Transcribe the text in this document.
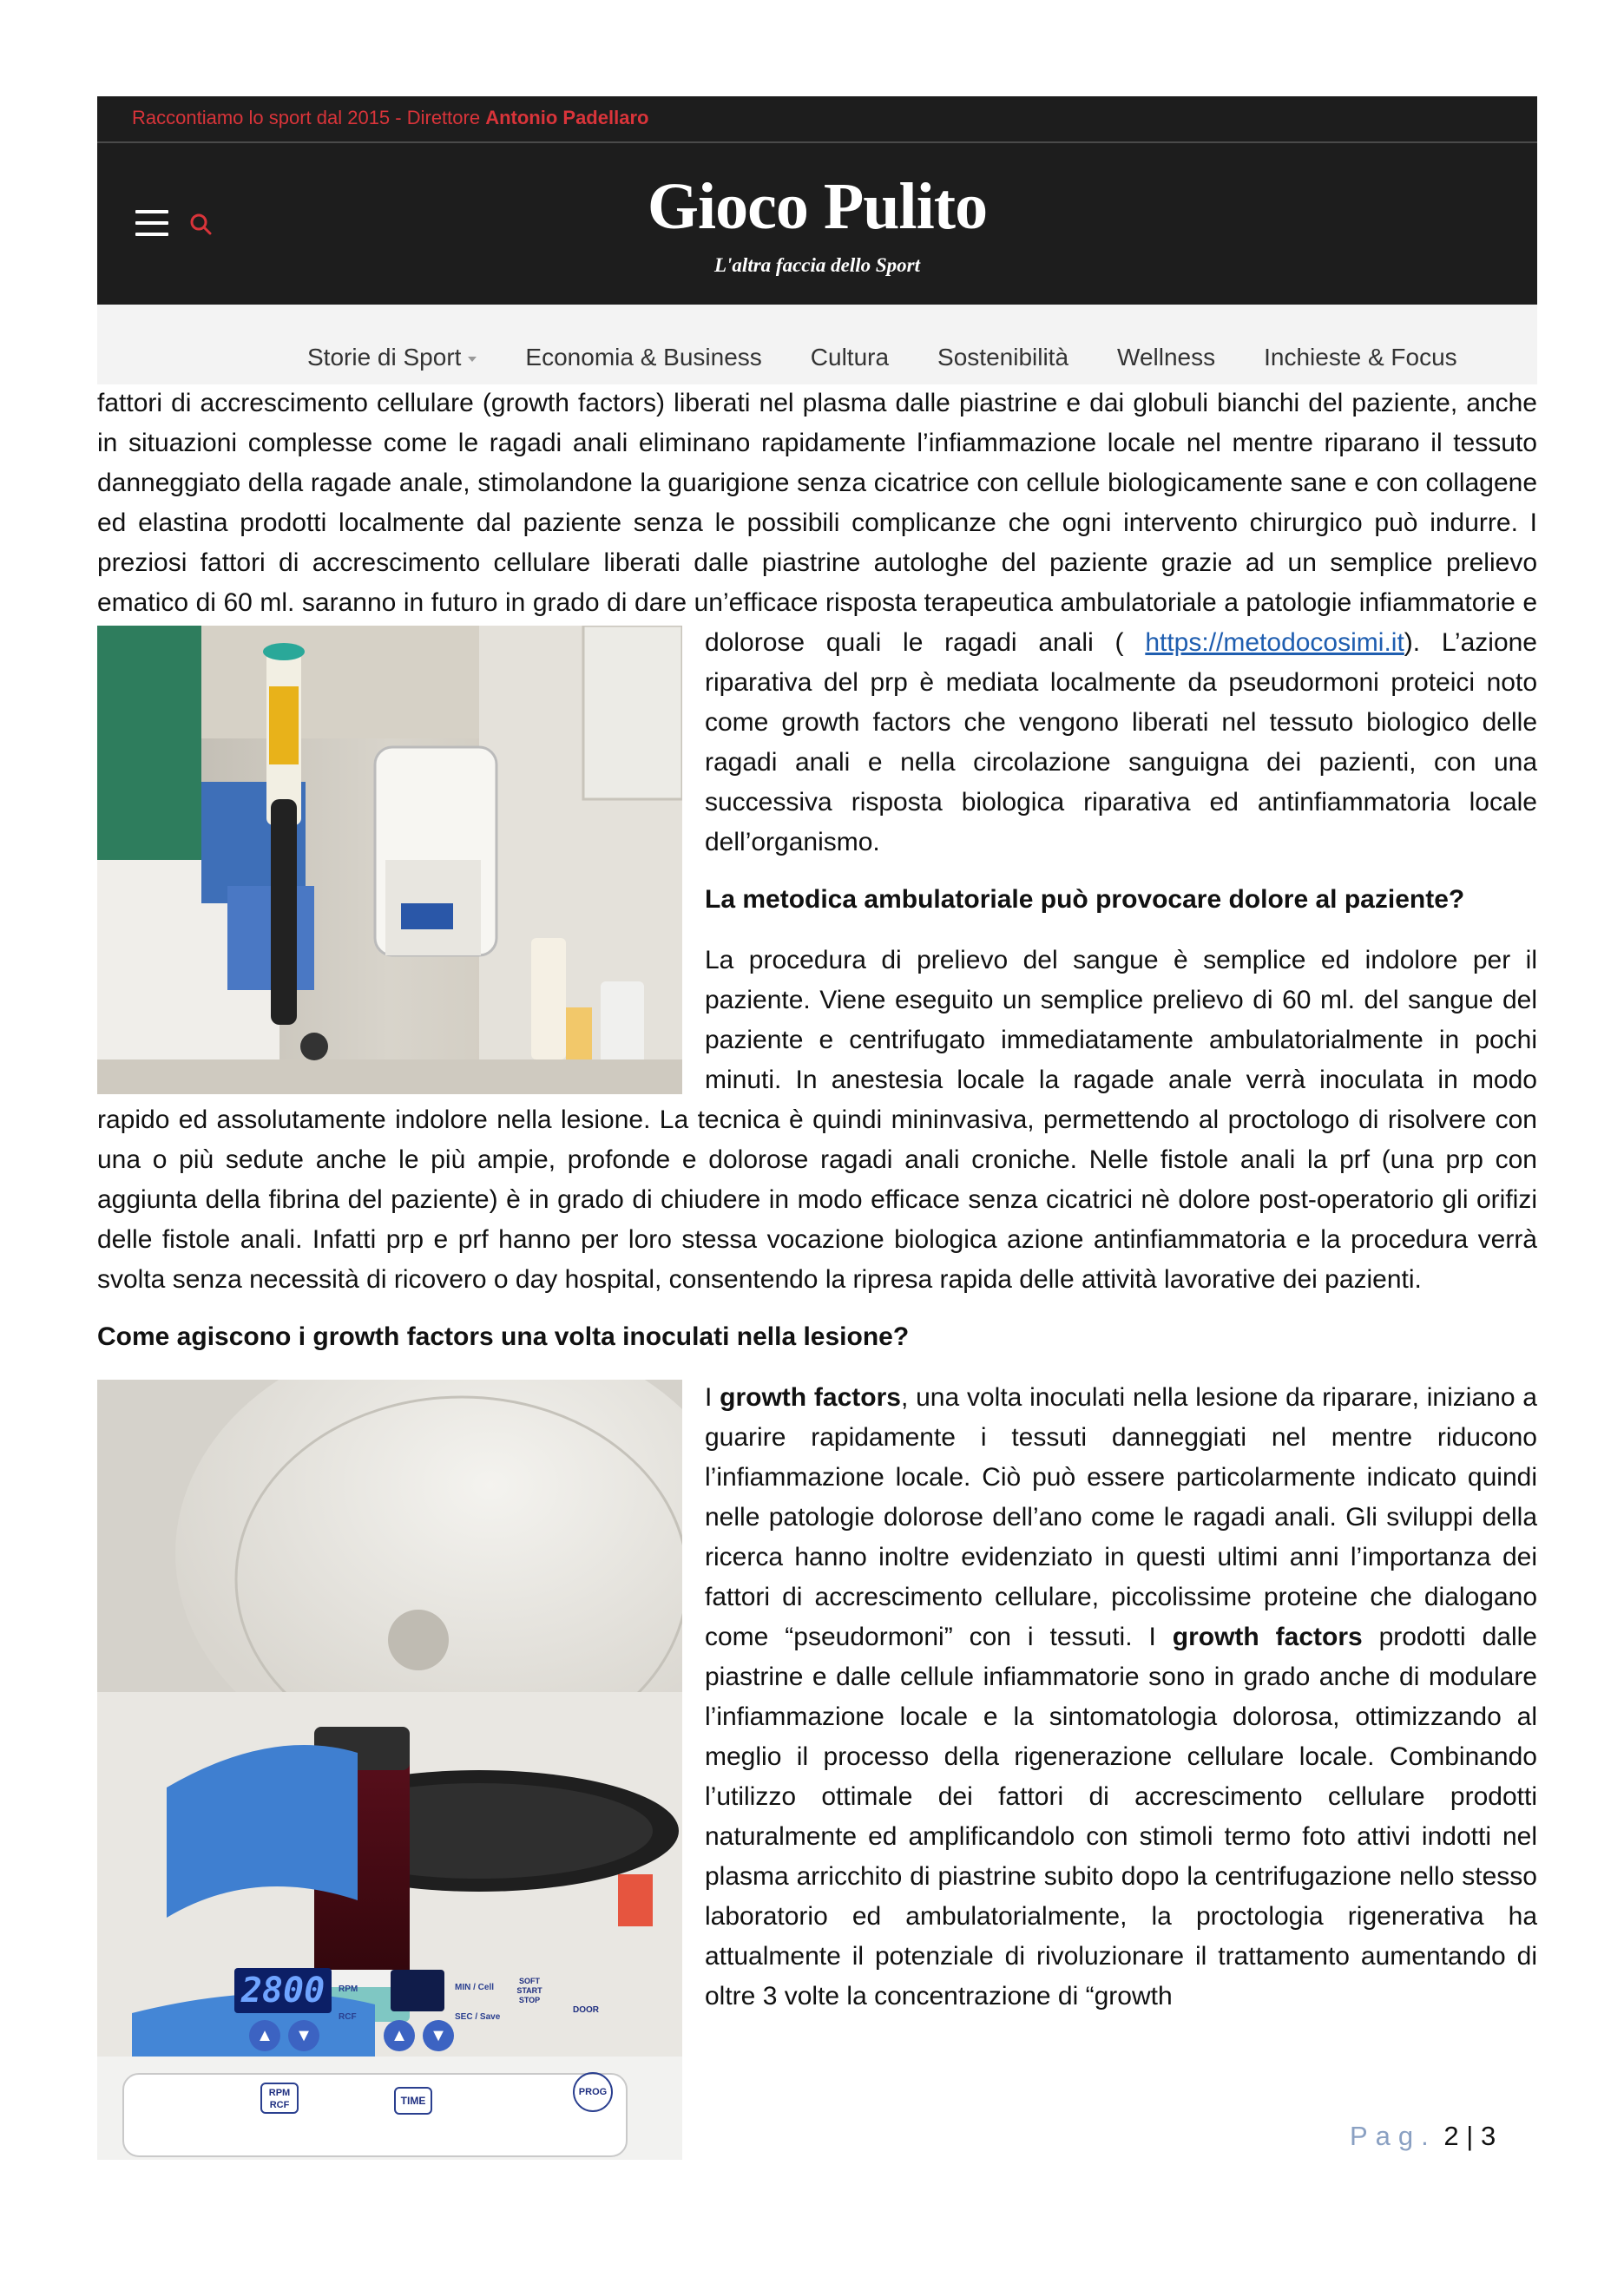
Raccontiamo lo sport dal 2015 - Direttore Antonio Padellaro
Gioco Pulito
L'altra faccia dello Sport
Storie di Sport	Economia & Business Cultura Sostenibilità Wellness Inchieste & Focus

fattori di accrescimento cellulare (growth factors) liberati nel plasma dalle piastrine e dai globuli bianchi del paziente, anche in situazioni complesse come le ragadi anali eliminano rapidamente l’infiammazione locale nel mentre riparano il tessuto danneggiato della ragade anale, stimolandone la guarigione senza cicatrice con cellule biologicamente sane e con collagene ed elastina prodotti localmente dal paziente senza le possibili complicanze che ogni intervento chirurgico può indurre. I preziosi fattori di accrescimento cellulare liberati dalle piastrine autologhe del paziente grazie ad un semplice prelievo ematico di 60 ml. saranno in futuro in grado di dare un’efficace risposta terapeutica ambulatoriale a patologie infiammatorie e dolorose quali le ragadi anali ( https://metodocosimi.it). L’azione riparativa del prp è mediata localmente da pseudormoni proteici noto come growth factors che vengono liberati nel tessuto biologico delle ragadi anali e nella circolazione sanguigna dei pazienti, con una successiva risposta biologica riparativa ed antinfiammatoria locale dell’organismo.

La metodica ambulatoriale può provocare dolore al paziente?

La procedura di prelievo del sangue è semplice ed indolore per il paziente. Viene eseguito un semplice prelievo di 60 ml. del sangue del paziente e centrifugato immediatamente ambulatorialmente in pochi minuti. In anestesia locale la ragade anale verrà inoculata in modo rapido ed assolutamente indolore nella lesione. La tecnica è quindi mininvasiva, permettendo al proctologo di risolvere con una o più sedute anche le più ampie, profonde e dolorose ragadi anali croniche. Nelle fistole anali la prf (una prp con aggiunta della fibrina del paziente) è in grado di chiudere in modo efficace senza cicatrici nè dolore post-operatorio gli orifizi delle fistole anali. Infatti prp e prf hanno per loro stessa vocazione biologica azione antinfiammatoria e la procedura verrà svolta senza necessità di ricovero o day hospital, consentendo la ripresa rapida delle attività lavorative dei pazienti.

Come agiscono i growth factors una volta inoculati nella lesione?

2800	RPM
RCF
MIN / Cell
SEC / Save
SOFT START STOP
DOOR
▲	▼	▲	▼
RPM RCF	TIME
PROG
I growth factors, una volta inoculati nella lesione da riparare, iniziano a guarire rapidamente i tessuti danneggiati nel mentre riducono l’infiammazione locale. Ciò può essere particolarmente indicato quindi nelle patologie dolorose dell’ano come le ragadi anali. Gli sviluppi della ricerca hanno inoltre evidenziato in questi ultimi anni l’importanza dei fattori di accrescimento cellulare, piccolissime proteine che dialogano come “pseudormoni” con i tessuti. I growth factors prodotti dalle piastrine e dalle cellule infiammatorie sono in grado anche di modulare l’infiammazione locale e la sintomatologia dolorosa, ottimizzando al meglio il processo della rigenerazione cellulare locale. Combinando l’utilizzo ottimale dei fattori di accrescimento cellulare prodotti naturalmente ed amplificandolo con stimoli termo foto attivi indotti nel plasma arricchito di piastrine subito dopo la centrifugazione nello stesso laboratorio ed ambulatorialmente, la proctologia rigenerativa ha attualmente il potenziale di rivoluzionare il trattamento aumentando di oltre 3 volte la concentrazione di “growth

Pag. 2 | 3
